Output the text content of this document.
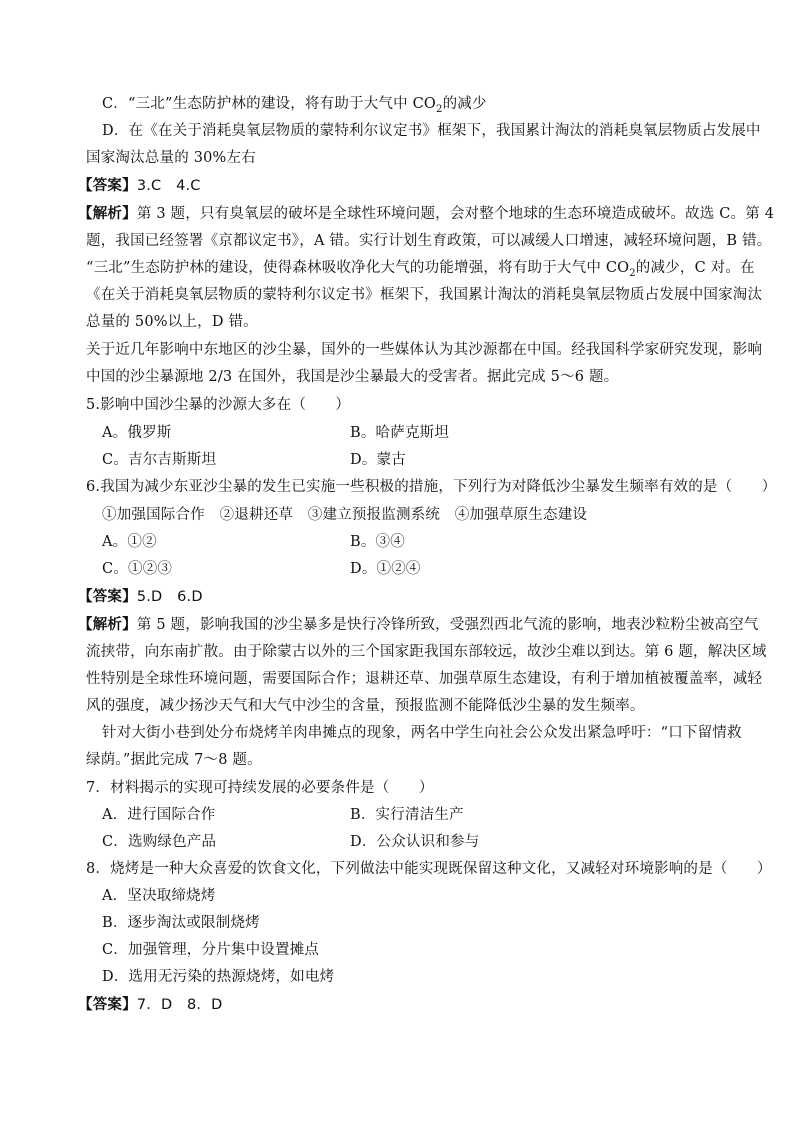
C．“三北”生态防护林的建设，将有助于大气中 $CO_2$的减少
D．在《在关于消耗臭氧层物质的蒙特利尔议定书》框架下，我国累计淘汰的消耗臭氧层物质占发展中
国家淘汰总量的 30%左右
【答案】3.C　4.C
【解析】第 3 题，只有臭氧层的破坏是全球性环境问题，会对整个地球的生态环境造成破坏。故选 C。第 4
题，我国已经签署《京都议定书》，A 错。实行计划生育政策，可以减缓人口增速，减轻环境问题，B 错。
“三北”生态防护林的建设，使得森林吸收净化大气的功能增强，将有助于大气中 $CO_2$的减少，C 对。在
《在关于消耗臭氧层物质的蒙特利尔议定书》框架下，我国累计淘汰的消耗臭氧层物质占发展中国家淘汰
总量的 50%以上，D 错。
关于近几年影响中东地区的沙尘暴，国外的一些媒体认为其沙源都在中国。经我国科学家研究发现，影响
中国的沙尘暴源地 2/3 在国外，我国是沙尘暴最大的受害者。据此完成 5～6 题。
5.影响中国沙尘暴的沙源大多在（　　）
A。俄罗斯	B。哈萨克斯坦
C。吉尔吉斯斯坦	D。蒙古
6.我国为减少东亚沙尘暴的发生已实施一些积极的措施，下列行为对降低沙尘暴发生频率有效的是（　　）
①加强国际合作　②退耕还草　③建立预报监测系统　④加强草原生态建设
A。①②	B。③④
C。①②③	D。①②④
【答案】5.D　6.D
【解析】第 5 题，影响我国的沙尘暴多是快行冷锋所致，受强烈西北气流的影响，地表沙粒粉尘被高空气
流挟带，向东南扩散。由于除蒙古以外的三个国家距我国东部较远，故沙尘难以到达。第 6 题，解决区域
性特别是全球性环境问题，需要国际合作；退耕还草、加强草原生态建设，有利于增加植被覆盖率，减轻
风的强度，减少扬沙天气和大气中沙尘的含量，预报监测不能降低沙尘暴的发生频率。
针对大街小巷到处分布烧烤羊肉串摊点的现象，两名中学生向社会公众发出紧急呼吁：“口下留情救
绿荫。”据此完成 7～8 题。
7．材料揭示的实现可持续发展的必要条件是（　　）
A．进行国际合作	B．实行清洁生产
C．选购绿色产品	D．公众认识和参与
8．烧烤是一种大众喜爱的饮食文化，下列做法中能实现既保留这种文化，又减轻对环境影响的是（　　）
A．坚决取缔烧烤
B．逐步淘汰或限制烧烤
C．加强管理，分片集中设置摊点
D．选用无污染的热源烧烤，如电烤
【答案】7．D　8．D
